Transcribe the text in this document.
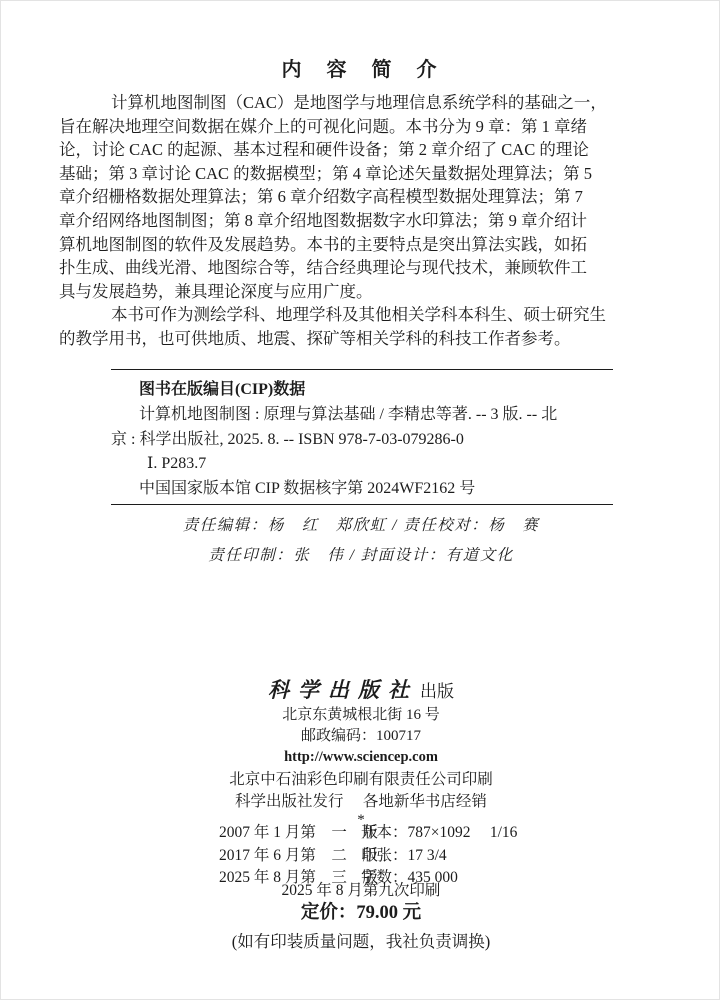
内 容 简 介
计算机地图制图（CAC）是地图学与地理信息系统学科的基础之一，
旨在解决地理空间数据在媒介上的可视化问题。本书分为 9 章：第 1 章绪
论，讨论 CAC 的起源、基本过程和硬件设备；第 2 章介绍了 CAC 的理论
基础；第 3 章讨论 CAC 的数据模型；第 4 章论述矢量数据处理算法；第 5
章介绍栅格数据处理算法；第 6 章介绍数字高程模型数据处理算法；第 7
章介绍网络地图制图；第 8 章介绍地图数据数字水印算法；第 9 章介绍计
算机地图制图的软件及发展趋势。本书的主要特点是突出算法实践，如拓
扑生成、曲线光滑、地图综合等，结合经典理论与现代技术，兼顾软件工
具与发展趋势，兼具理论深度与应用广度。
本书可作为测绘学科、地理学科及其他相关学科本科生、硕士研究生
的教学用书，也可供地质、地震、探矿等相关学科的科技工作者参考。
图书在版编目(CIP)数据
计算机地图制图 : 原理与算法基础 / 李精忠等著. -- 3 版. -- 北
京 : 科学出版社, 2025. 8. -- ISBN 978-7-03-079286-0
Ⅰ. P283.7
中国国家版本馆 CIP 数据核字第 2024WF2162 号
责任编辑：杨　红　郑欣虹 / 责任校对：杨　赛
责任印制：张　伟 / 封面设计：有道文化
科学出版社 出版
北京东黄城根北街 16 号
邮政编码：100717
http://www.sciencep.com
北京中石油彩色印刷有限责任公司印刷
科学出版社发行　 各地新华书店经销
*
2007 年 1 月第　一　版
开本：787×1092　 1/16
2017 年 6 月第　二　版
印张：17 3/4
2025 年 8 月第　三　版
字数：435 000
2025 年 8 月第九次印刷
定价：79.00 元
(如有印装质量问题，我社负责调换)
